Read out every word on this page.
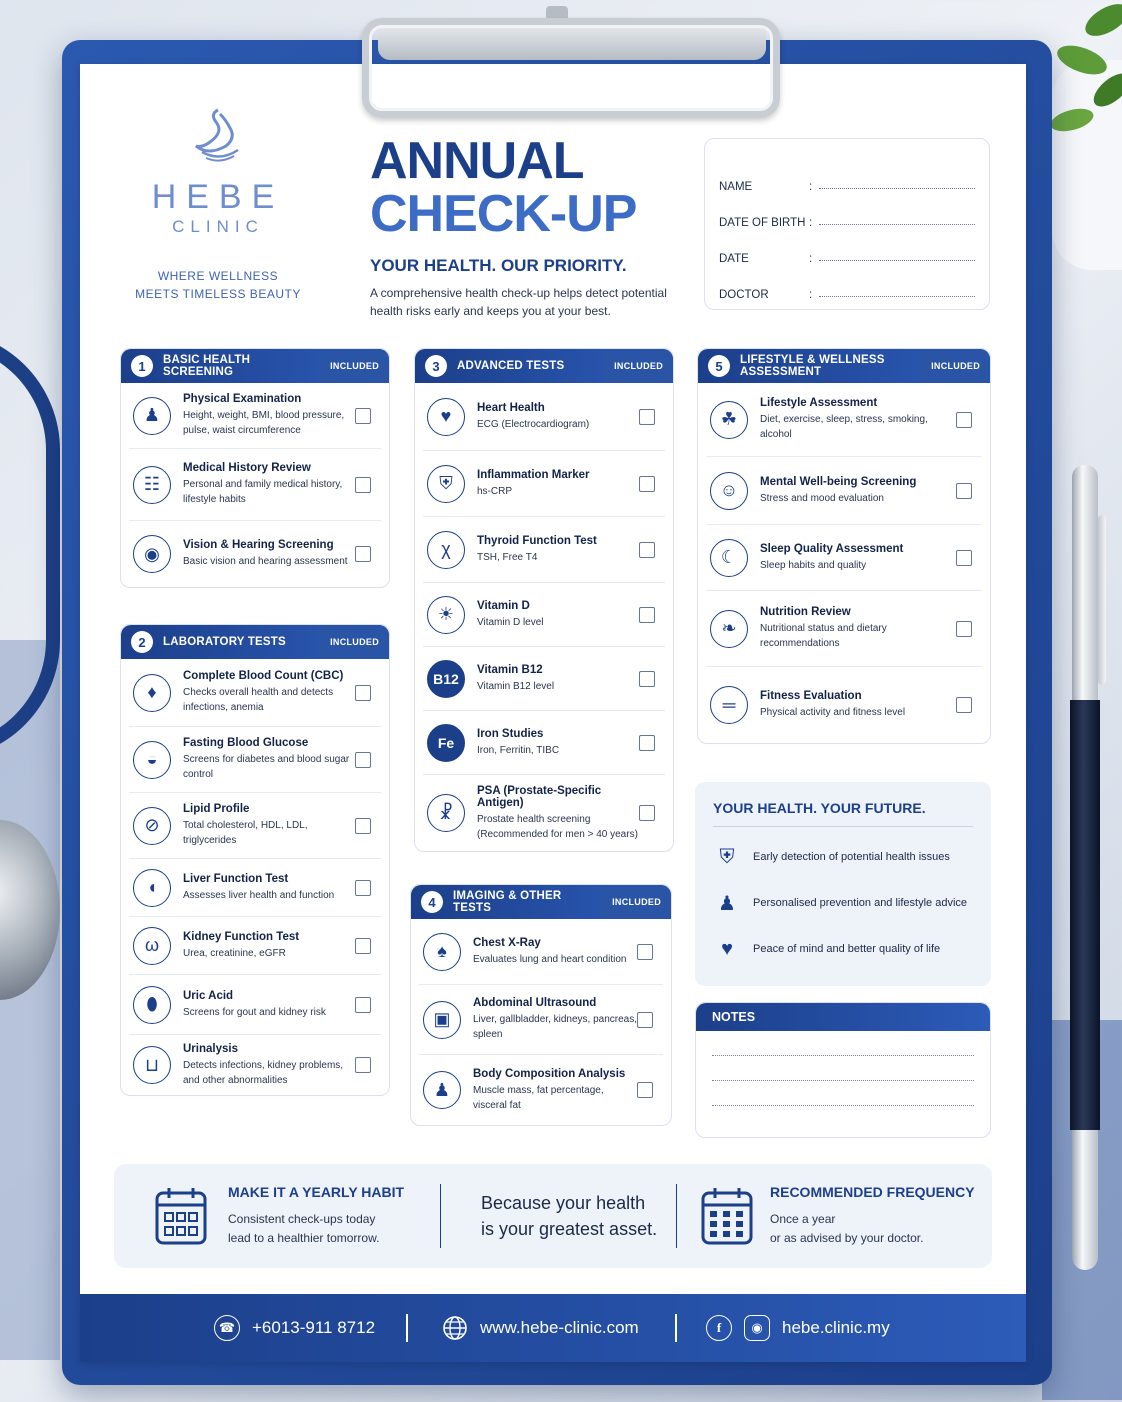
HEBE
CLINIC
WHERE WELLNESS
MEETS TIMELESS BEAUTY
ANNUAL
CHECK-UP
YOUR HEALTH. OUR PRIORITY.
A comprehensive health check-up helps detect potential health risks early and keeps you at your best.
NAME	:
DATE OF BIRTH :
DATE	:
DOCTOR	:
1	BASIC HEALTH SCREENING	INCLUDED
♟
Physical Examination
Height, weight, BMI, blood pressure, pulse, waist circumference
☷
Medical History Review
Personal and family medical history, lifestyle habits
◉	Vision & Hearing Screening
Basic vision and hearing assessment
2	LABORATORY TESTS	INCLUDED
♦
Complete Blood Count (CBC)
Checks overall health and detects infections, anemia
◒
Fasting Blood Glucose
Screens for diabetes and blood sugar control
⊘
Lipid Profile
Total cholesterol, HDL, LDL, triglycerides
◖	Liver Function Test
Assesses liver health and function
ω	Kidney Function Test
Urea, creatinine, eGFR
⬮	Uric Acid
Screens for gout and kidney risk
⊔
Urinalysis
Detects infections, kidney problems, and other abnormalities
3	ADVANCED TESTS	INCLUDED
♥	Heart Health
ECG (Electrocardiogram)
⛨	Inflammation Marker
hs-CRP
χ	Thyroid Function Test
TSH, Free T4
☀	Vitamin D
Vitamin D level
B12
Vitamin B12
Vitamin B12 level
Fe
Iron Studies
Iron, Ferritin, TIBC
☧
PSA (Prostate-Specific Antigen)
Prostate health screening (Recommended for men > 40 years)
4	IMAGING & OTHER TESTS	INCLUDED
♠	Chest X-Ray
Evaluates lung and heart condition
▣
Abdominal Ultrasound
Liver, gallbladder, kidneys, pancreas, spleen
♟
Body Composition Analysis
Muscle mass, fat percentage, visceral fat
5	LIFESTYLE & WELLNESS ASSESSMENT	INCLUDED
☘
Lifestyle Assessment
Diet, exercise, sleep, stress, smoking, alcohol
☺	Mental Well-being Screening
Stress and mood evaluation
☾	Sleep Quality Assessment
Sleep habits and quality
❧
Nutrition Review
Nutritional status and dietary recommendations
═	Fitness Evaluation
Physical activity and fitness level
YOUR HEALTH. YOUR FUTURE.
⛨	Early detection of potential health issues
♟	Personalised prevention and lifestyle advice
♥	Peace of mind and better quality of life
NOTES
MAKE IT A YEARLY HABIT
Consistent check-ups today
lead to a healthier tomorrow.
Because your health
is your greatest asset.
RECOMMENDED FREQUENCY
Once a year
or as advised by your doctor.
☎ +6013-911 8712	www.hebe-clinic.com	f	◉	hebe.clinic.my
